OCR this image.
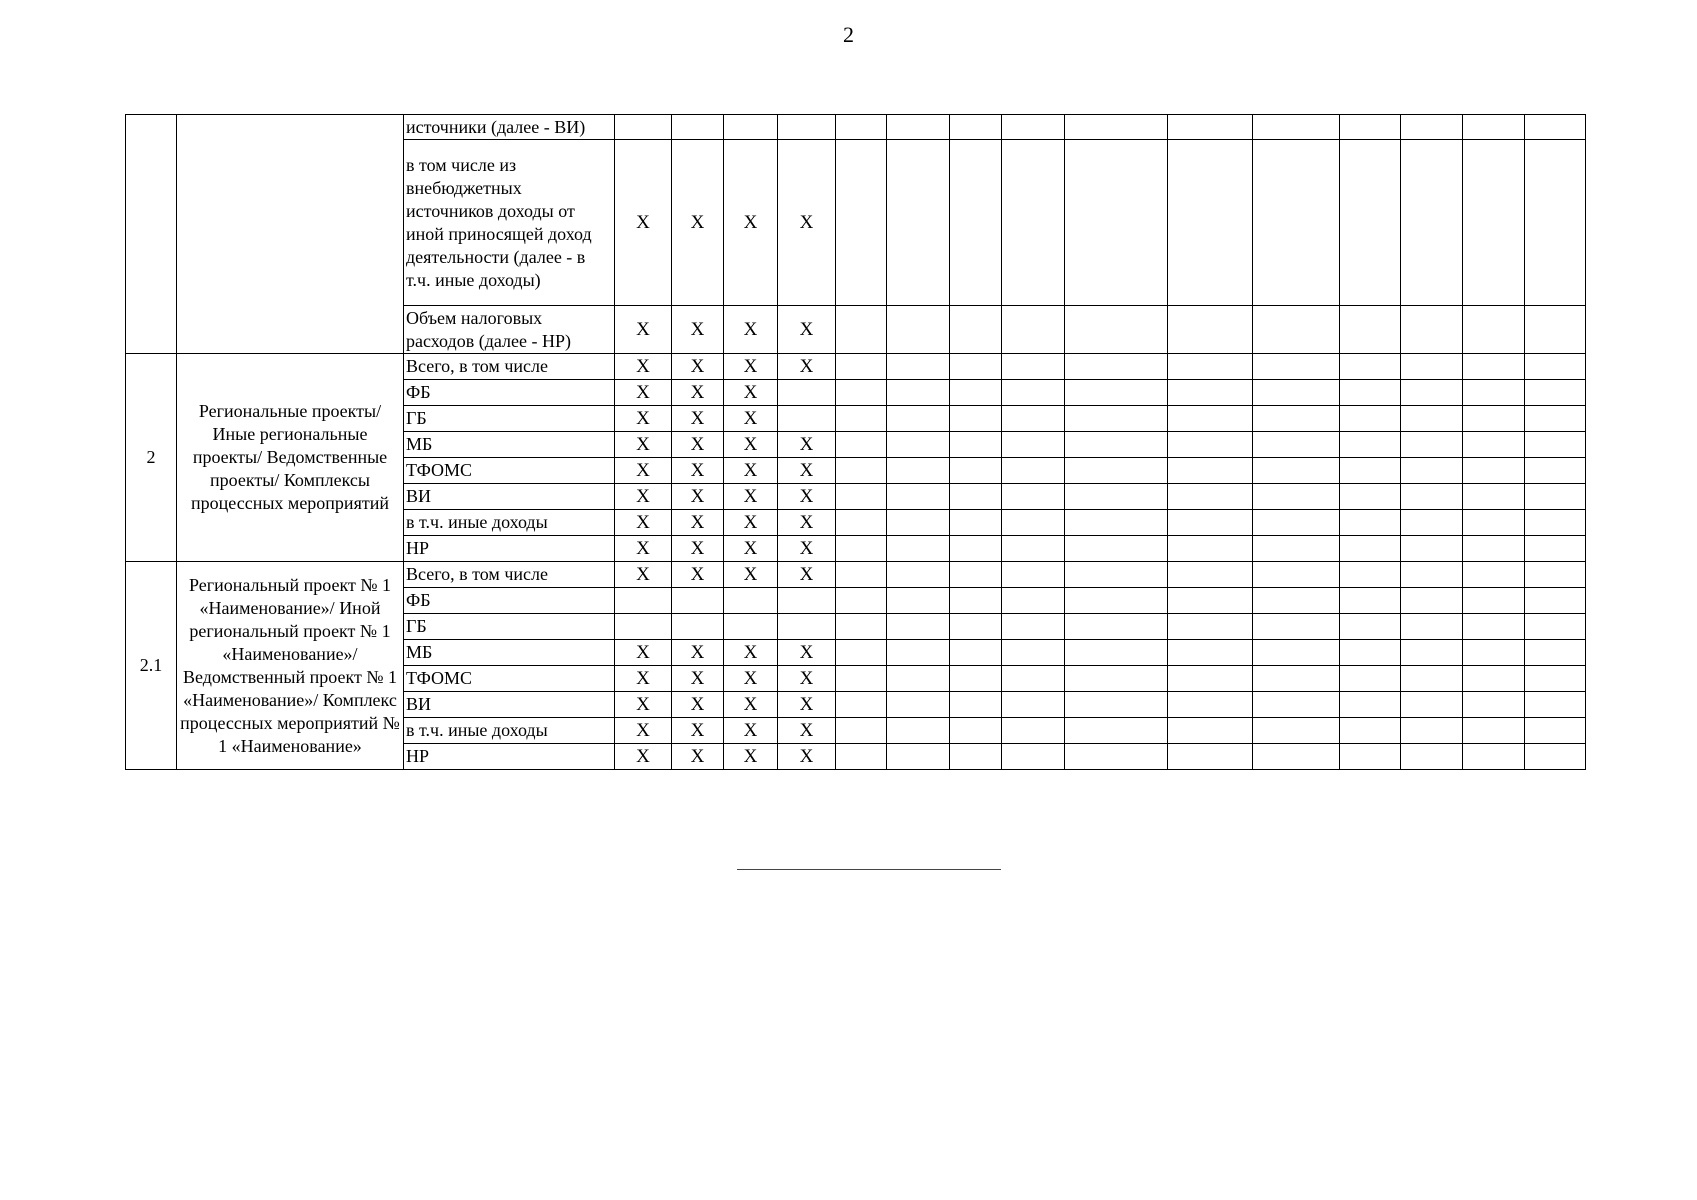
2
		источники (далее - ВИ)															
		в том числе из внебюджетных источников доходы от иной приносящей доход деятельности (далее - в т.ч. иные доходы)	Х	Х	Х	Х											
		Объем налоговых расходов (далее - НР)	Х	Х	Х	Х											
2	Региональные проекты/ Иные региональные проекты/ Ведомственные проекты/ Комплексы процессных мероприятий	Всего, в том числе	Х	Х	Х	Х											
		ФБ	Х	Х	Х												
		ГБ	Х	Х	Х												
		МБ	Х	Х	Х	Х											
		ТФОМС	Х	Х	Х	Х											
		ВИ	Х	Х	Х	Х											
		в т.ч. иные доходы	Х	Х	Х	Х											
		НР	Х	Х	Х	Х											
2.1	Региональный проект № 1 «Наименование»/ Иной региональный проект № 1 «Наименование»/ Ведомственный проект № 1 «Наименование»/ Комплекс процессных мероприятий № 1 «Наименование»	Всего, в том числе	Х	Х	Х	Х											
		ФБ															
		ГБ															
		МБ	Х	Х	Х	Х											
		ТФОМС	Х	Х	Х	Х											
		ВИ	Х	Х	Х	Х											
		в т.ч. иные доходы	Х	Х	Х	Х											
		НР	Х	Х	Х	Х											
